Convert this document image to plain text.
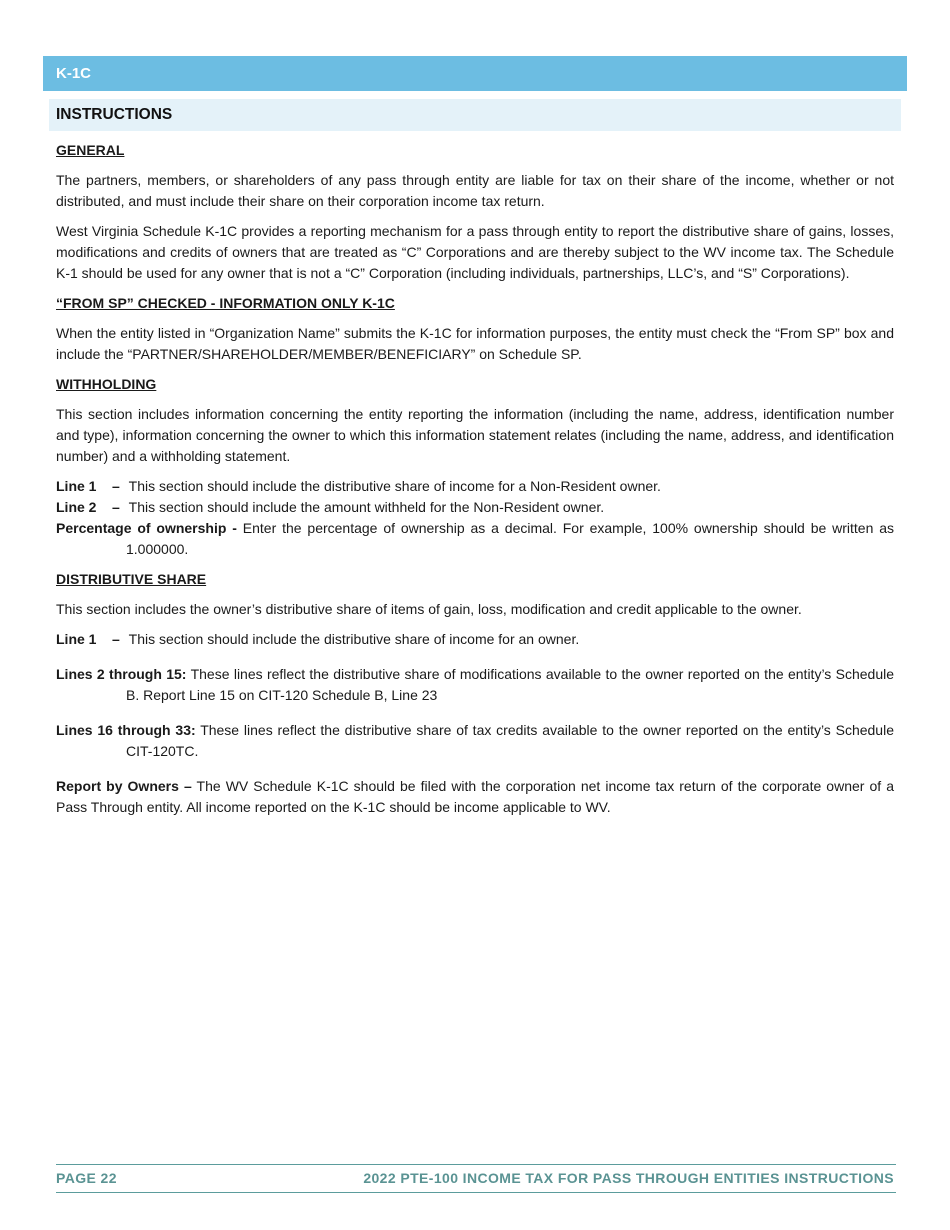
K-1C
INSTRUCTIONS
GENERAL

The partners, members, or shareholders of any pass through entity are liable for tax on their share of the income, whether or not distributed, and must include their share on their corporation income tax return.

West Virginia Schedule K-1C provides a reporting mechanism for a pass through entity to report the distributive share of gains, losses, modifications and credits of owners that are treated as “C” Corporations and are thereby subject to the WV income tax. The Schedule K-1 should be used for any owner that is not a “C” Corporation (including individuals, partnerships, LLC’s, and “S” Corporations).

“FROM SP” CHECKED - INFORMATION ONLY K-1C

When the entity listed in “Organization Name” submits the K-1C for information purposes, the entity must check the “From SP” box and include the “PARTNER/SHAREHOLDER/MEMBER/BENEFICIARY” on Schedule SP.

WITHHOLDING

This section includes information concerning the entity reporting the information (including the name, address, identification number and type), information concerning the owner to which this information statement relates (including the name, address, and identification number) and a withholding statement.

Line 1 – This section should include the distributive share of income for a Non-Resident owner.
Line 2 – This section should include the amount withheld for the Non-Resident owner.
Percentage of ownership - Enter the percentage of ownership as a decimal. For example, 100% ownership should be written as 1.000000.
DISTRIBUTIVE SHARE

This section includes the owner’s distributive share of items of gain, loss, modification and credit applicable to the owner.

Line 1 – This section should include the distributive share of income for an owner.
Lines 2 through 15: These lines reflect the distributive share of modifications available to the owner reported on the entity’s Schedule B. Report Line 15 on CIT-120 Schedule B, Line 23
Lines 16 through 33: These lines reflect the distributive share of tax credits available to the owner reported on the entity’s Schedule CIT-120TC.

Report by Owners – The WV Schedule K-1C should be filed with the corporation net income tax return of the corporate owner of a Pass Through entity. All income reported on the K-1C should be income applicable to WV.

PAGE 22	2022 PTE-100 INCOME TAX FOR PASS THROUGH ENTITIES INSTRUCTIONS
